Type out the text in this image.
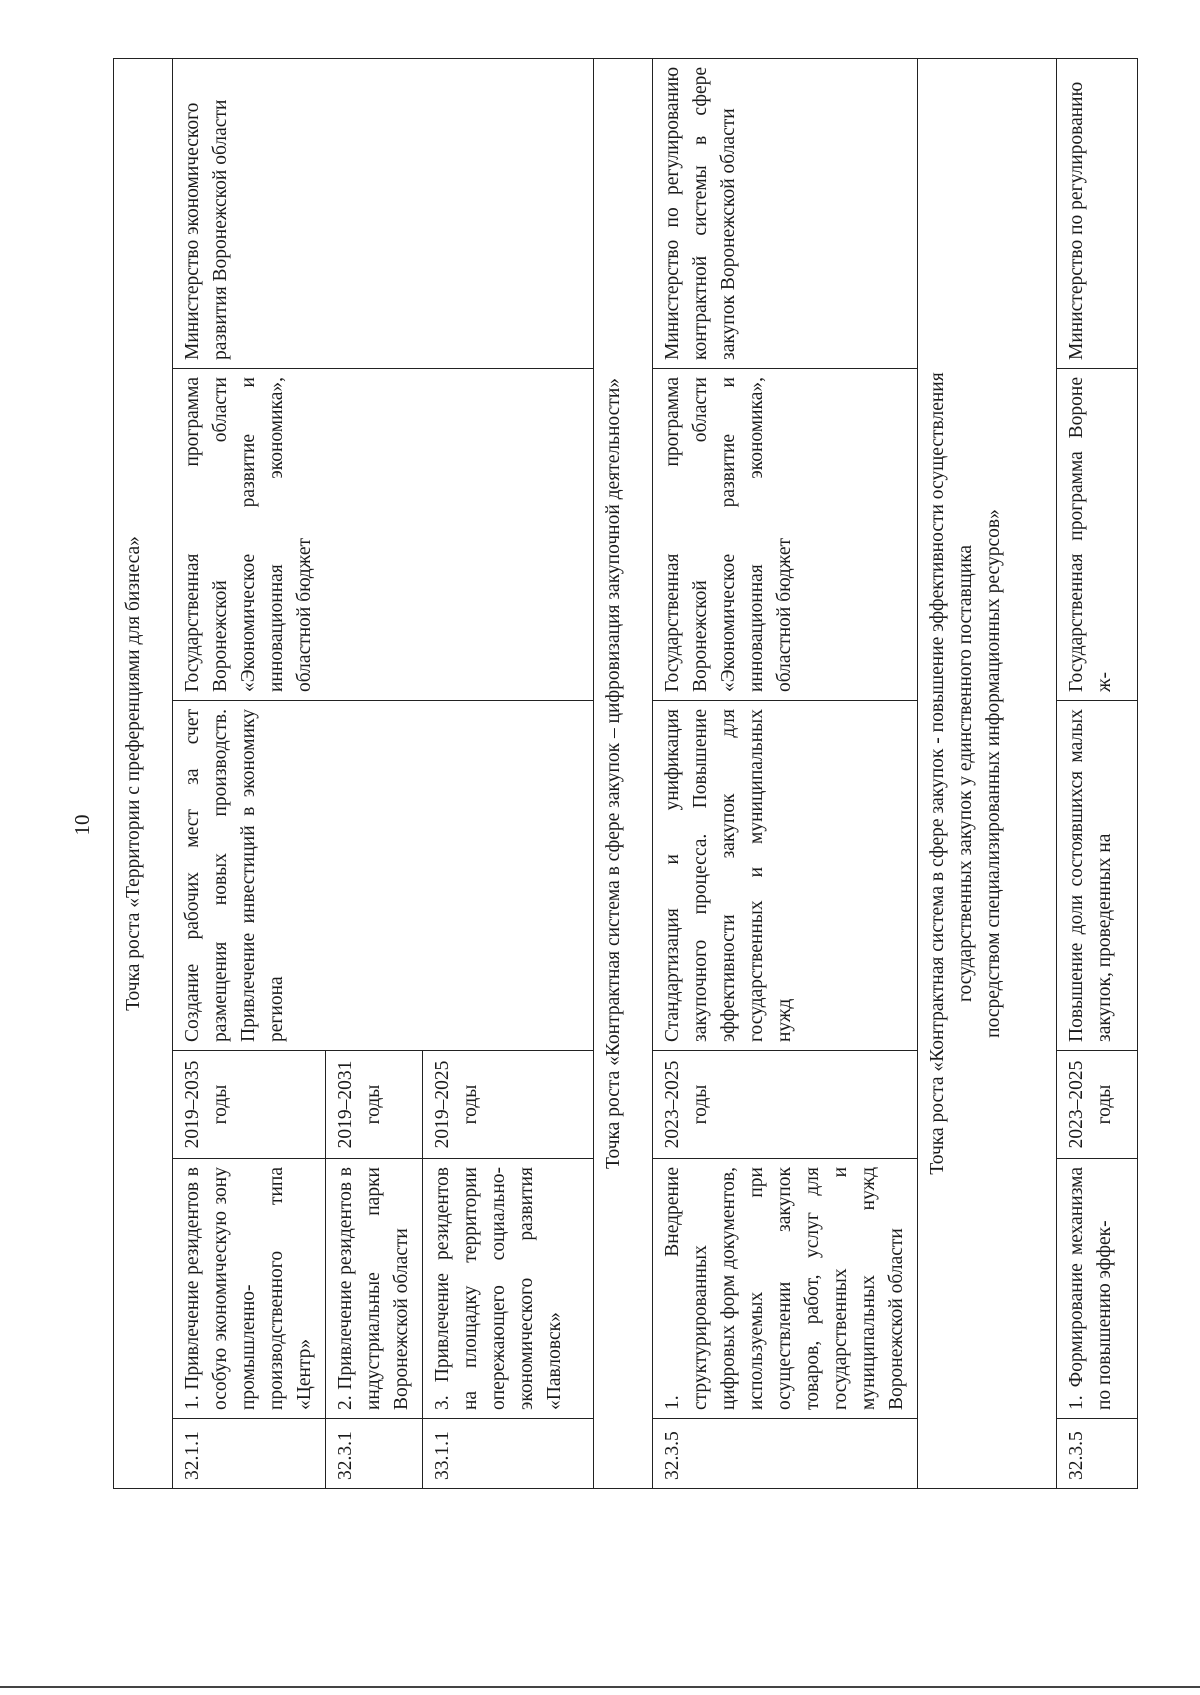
10 Точка роста «Территории с преференциями для бизнеса»					

32.1.1	1. Привлечение резидентов в особую экономическую зону промышленно-производственного типа «Центр»	2019–2035 годы	Создание рабочих мест за счет размещения новых производств. Привлечение инвестиций в экономику региона	Государственная программа Воронежской области «Экономическое развитие и инновационная экономика», областной бюджет	Министерство экономического развития Воронежской области
32.3.1	2. Привлечение резидентов в индустриальные парки Воронежской области	2019–2031 годы			
33.1.1	3. Привлечение резидентов на площадку территории опережающего социально-экономического развития «Павловск»	2019–2025 годы			

Точка роста «Контрактная система в сфере закупок – цифровизация закупочной деятельности»					

32.3.5	1. Внедрение структурированных цифровых форм документов, используемых при осуществлении закупок товаров, работ, услуг для государственных и муниципальных нужд Воронежской области	2023–2025 годы	Стандартизация и унификация закупочного процесса. Повышение эффективности закупок для государственных и муниципальных нужд	Государственная программа Воронежской области «Экономическое развитие и инновационная экономика», областной бюджет	Министерство по регулированию контрактной системы в сфере закупок Воронежской области

Точка роста «Контрактная система в сфере закупок - повышение эффективности осуществления государственных закупок у единственного поставщика посредством специализированных информационных ресурсов»					

32.3.5	1. Формирование механизма по повышению эффек-	2023–2025 годы	Повышение доли состоявшихся малых закупок, проведенных на	Государственная программа Вороне ж-	Министерство по регулированию
